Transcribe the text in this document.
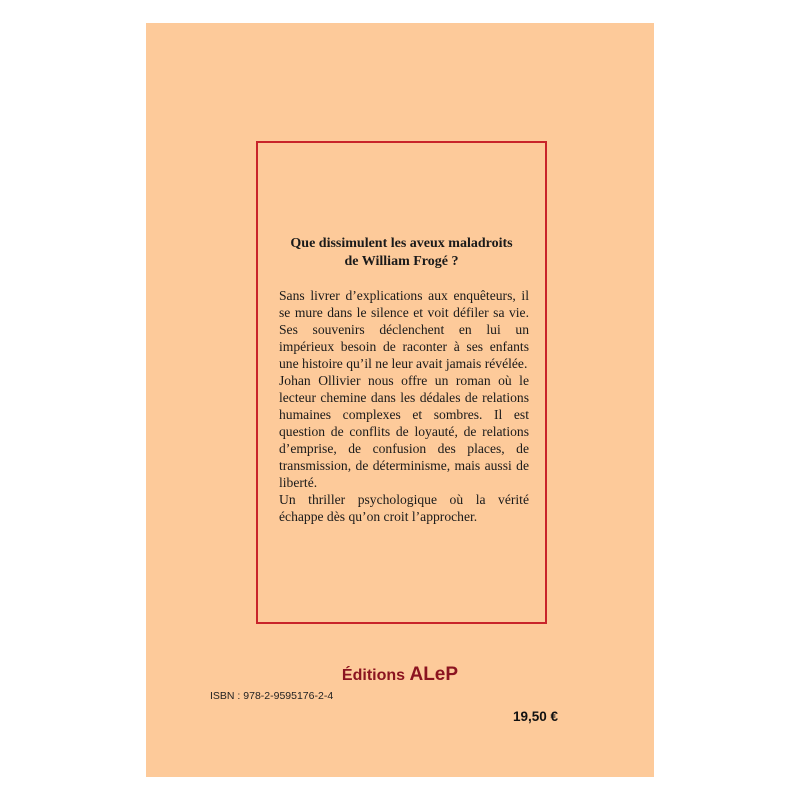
Que dissimulent les aveux maladroits
de William Frogé ?

Sans livrer d’explications aux enquêteurs, il se mure dans le silence et voit défiler sa vie. Ses souvenirs déclenchent en lui un impérieux besoin de raconter à ses enfants une histoire qu’il ne leur avait jamais révélée.

Johan Ollivier nous offre un roman où le lecteur chemine dans les dédales de relations humaines complexes et sombres. Il est question de conflits de loyauté, de relations d’emprise, de confusion des places, de transmission, de déterminisme, mais aussi de liberté.

Un thriller psychologique où la vérité échappe dès qu’on croit l’approcher.

Éditions ALeP
ISBN : 978-2-9595176-2-4
19,50 €
